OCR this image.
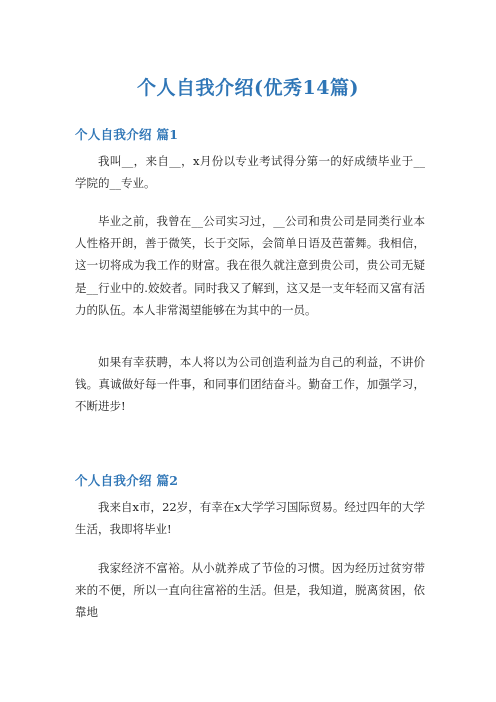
个人自我介绍(优秀14篇)
个人自我介绍 篇1

我叫__，来自__，x月份以专业考试得分第一的好成绩毕业于__学院的__专业。

毕业之前，我曾在__公司实习过，__公司和贵公司是同类行业本人性格开朗，善于微笑，长于交际，会简单日语及芭蕾舞。我相信，这一切将成为我工作的财富。我在很久就注意到贵公司，贵公司无疑是__行业中的.姣姣者。同时我又了解到，这又是一支年轻而又富有活力的队伍。本人非常渴望能够在为其中的一员。

如果有幸获聘，本人将以为公司创造利益为自己的利益，不讲价钱。真诚做好每一件事，和同事们团结奋斗。勤奋工作，加强学习，不断进步!

个人自我介绍 篇2

我来自x市，22岁，有幸在x大学学习国际贸易。经过四年的大学生活，我即将毕业!

我家经济不富裕。从小就养成了节俭的习惯。因为经历过贫穷带来的不便，所以一直向往富裕的生活。但是，我知道，脱离贫困，依靠地
